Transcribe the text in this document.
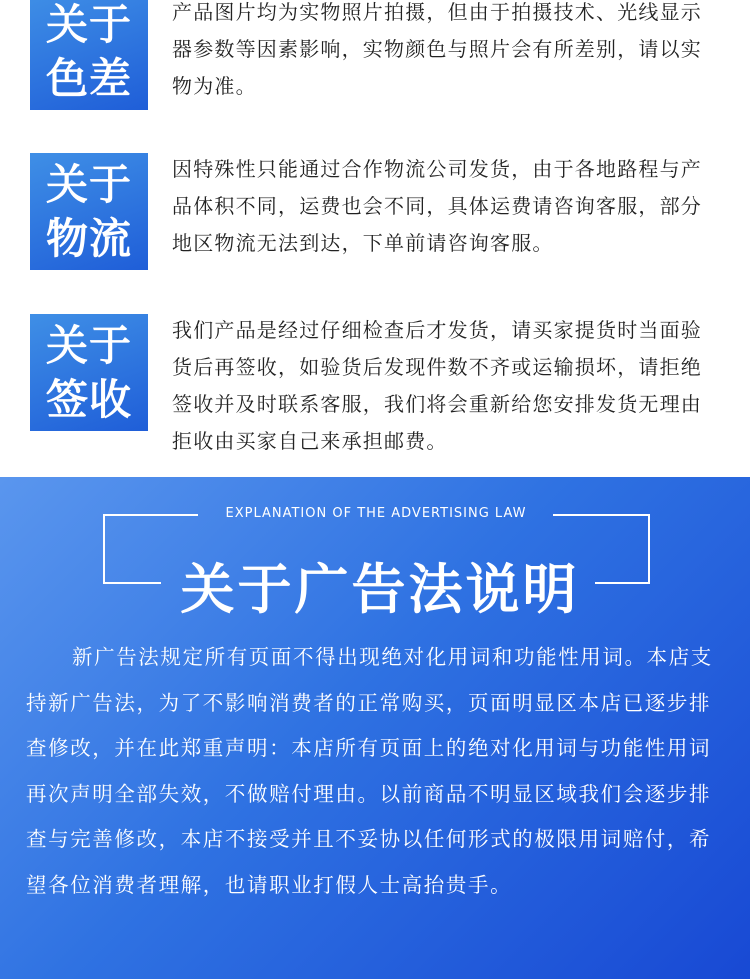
关于
色差

产品图片均为实物照片拍摄，但由于拍摄技术、光线显示器参数等因素影响，实物颜色与照片会有所差别，请以实物为准。

关于
物流

因特殊性只能通过合作物流公司发货，由于各地路程与产品体积不同，运费也会不同，具体运费请咨询客服，部分地区物流无法到达，下单前请咨询客服。

关于
签收

我们产品是经过仔细检查后才发货，请买家提货时当面验货后再签收，如验货后发现件数不齐或运输损坏，请拒绝签收并及时联系客服，我们将会重新给您安排发货无理由拒收由买家自己来承担邮费。

EXPLANATION OF THE ADVERTISING LAW
关于广告法说明

新广告法规定所有页面不得出现绝对化用词和功能性用词。本店支持新广告法，为了不影响消费者的正常购买，页面明显区本店已逐步排查修改，并在此郑重声明：本店所有页面上的绝对化用词与功能性用词再次声明全部失效，不做赔付理由。以前商品不明显区域我们会逐步排查与完善修改，本店不接受并且不妥协以任何形式的极限用词赔付，希望各位消费者理解，也请职业打假人士高抬贵手。
